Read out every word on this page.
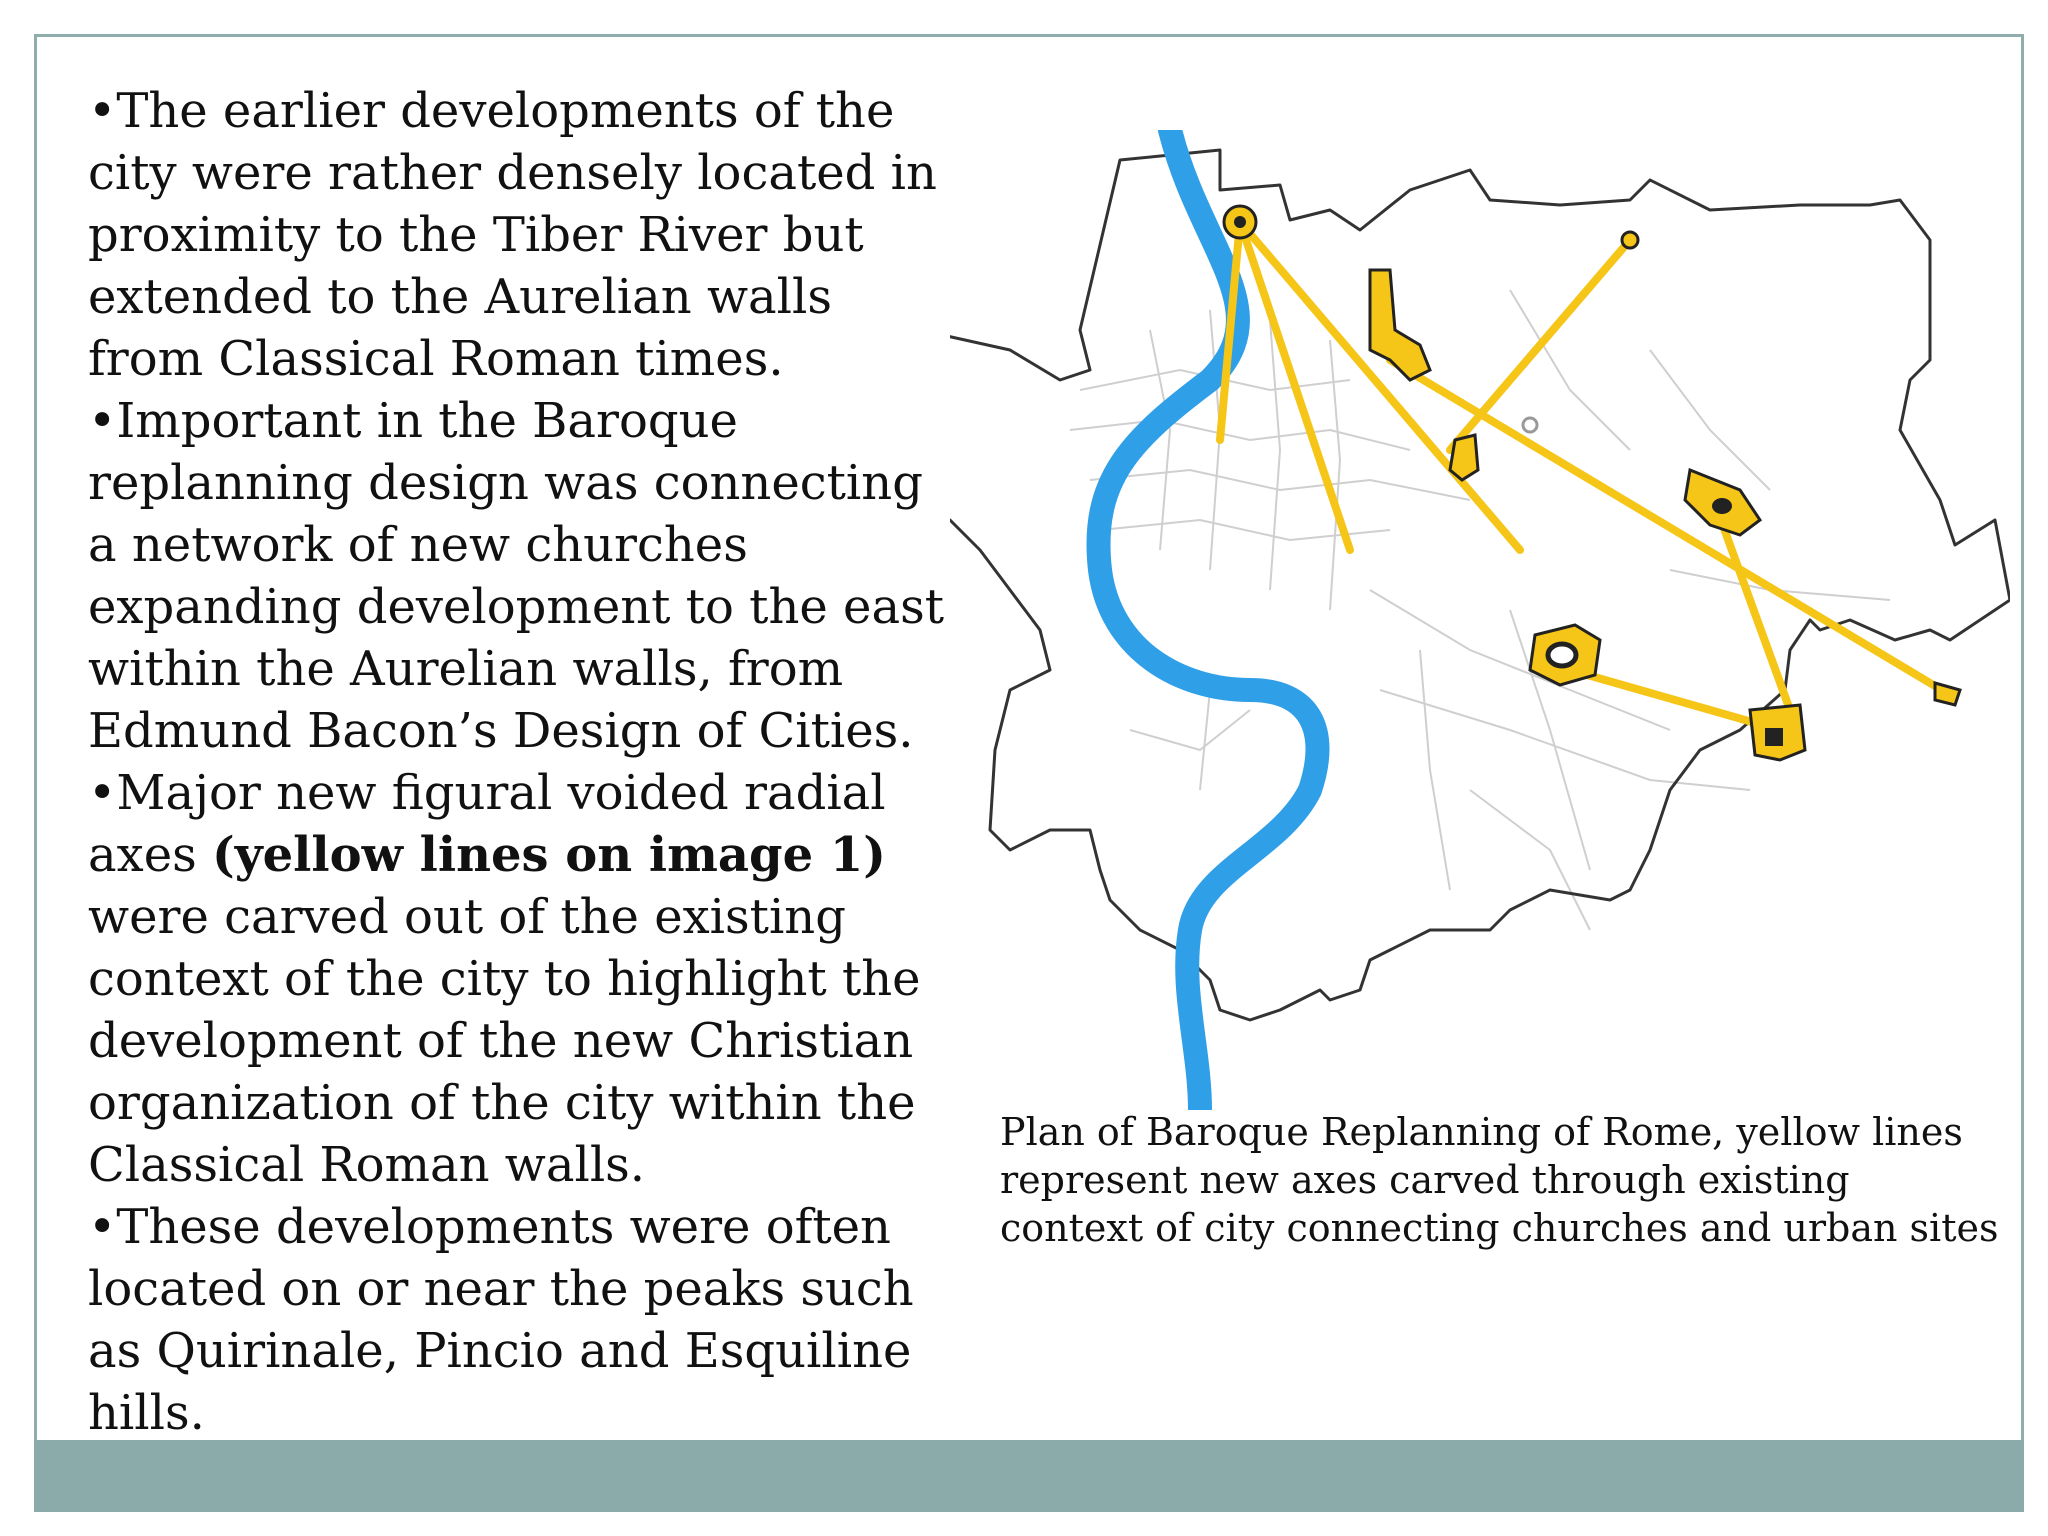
•The earlier developments of the city were rather densely located in proximity to the Tiber River but extended to the Aurelian walls from Classical Roman times.

•Important in the Baroque replanning design was connecting a network of new churches expanding development to the east within the Aurelian walls, from Edmund Bacon’s Design of Cities.

•Major new figural voided radial axes (yellow lines on image 1) were carved out of the existing context of the city to highlight the development of the new Christian organization of the city within the Classical Roman walls.

•These developments were often located on or near the peaks such as Quirinale, Pincio and Esquiline hills.

Plan of Baroque Replanning of Rome, yellow lines represent new axes carved through existing context of city connecting churches and urban sites
